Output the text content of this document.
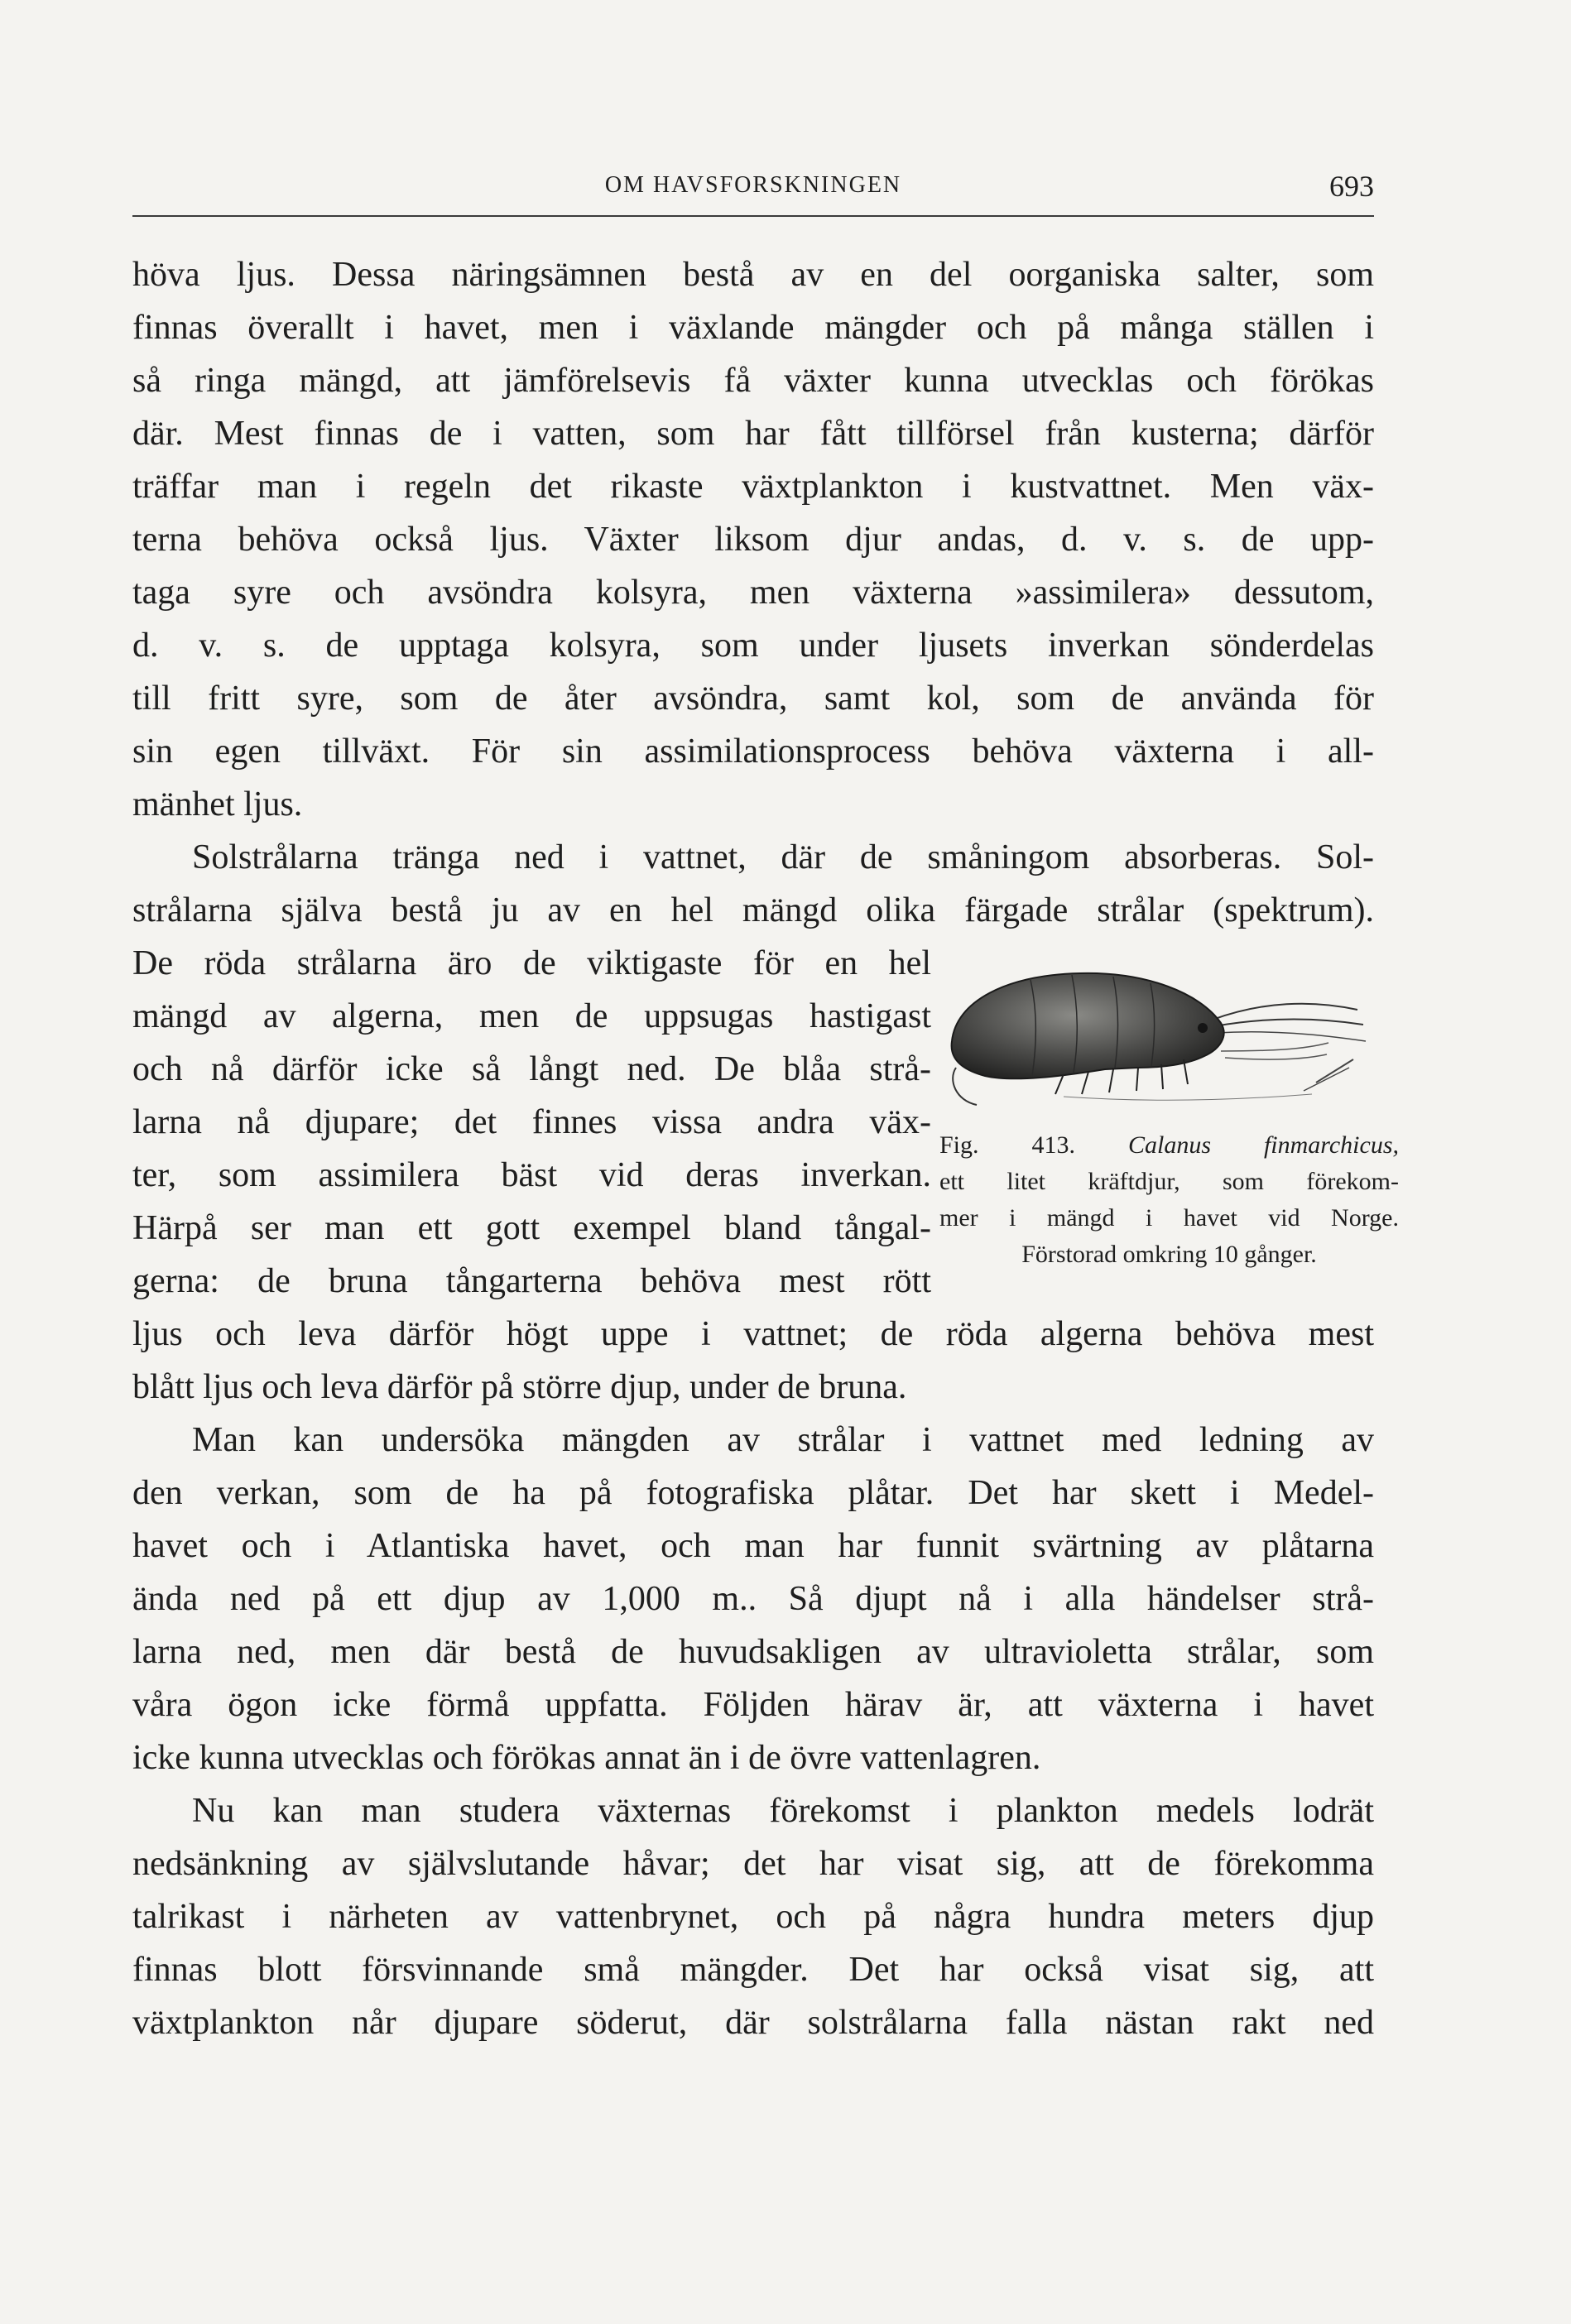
OM HAVSFORSKNINGEN	693
höva ljus. Dessa näringsämnen bestå av en del oorganiska salter, som
finnas överallt i havet, men i växlande mängder och på många ställen i
så ringa mängd, att jämförelsevis få växter kunna utvecklas och förökas
där. Mest finnas de i vatten, som har fått tillförsel från kusterna; därför
träffar man i regeln det rikaste växtplankton i kustvattnet. Men väx-
terna behöva också ljus. Växter liksom djur andas, d. v. s. de upp-
taga syre och avsöndra kolsyra, men växterna »assimilera» dessutom,
d. v. s. de upptaga kolsyra, som under ljusets inverkan sönderdelas
till fritt syre, som de åter avsöndra, samt kol, som de använda för
sin egen tillväxt. För sin assimilationsprocess behöva växterna i all-
mänhet ljus.
Solstrålarna tränga ned i vattnet, där de småningom absorberas. Sol-
strålarna själva bestå ju av en hel mängd olika färgade strålar (spektrum).
De röda strålarna äro de viktigaste för en hel
mängd av algerna, men de uppsugas hastigast
och nå därför icke så långt ned. De blåa strå-
larna nå djupare; det finnes vissa andra väx-
ter, som assimilera bäst vid deras inverkan.
Härpå ser man ett gott exempel bland tångal-
gerna: de bruna tångarterna behöva mest rött
ljus och leva därför högt uppe i vattnet; de röda algerna behöva mest
blått ljus och leva därför på större djup, under de bruna.
Man kan undersöka mängden av strålar i vattnet med ledning av
den verkan, som de ha på fotografiska plåtar. Det har skett i Medel-
havet och i Atlantiska havet, och man har funnit svärtning av plåtarna
ända ned på ett djup av 1,000 m.. Så djupt nå i alla händelser strå-
larna ned, men där bestå de huvudsakligen av ultravioletta strålar, som
våra ögon icke förmå uppfatta. Följden härav är, att växterna i havet
icke kunna utvecklas och förökas annat än i de övre vattenlagren.
Nu kan man studera växternas förekomst i plankton medels lodrät
nedsänkning av självslutande håvar; det har visat sig, att de förekomma
talrikast i närheten av vattenbrynet, och på några hundra meters djup
finnas blott försvinnande små mängder. Det har också visat sig, att
växtplankton når djupare söderut, där solstrålarna falla nästan rakt ned
Fig. 413. Calanus finmarchicus,
ett litet kräftdjur, som förekom-
mer i mängd i havet vid Norge.
Förstorad omkring 10 gånger.
